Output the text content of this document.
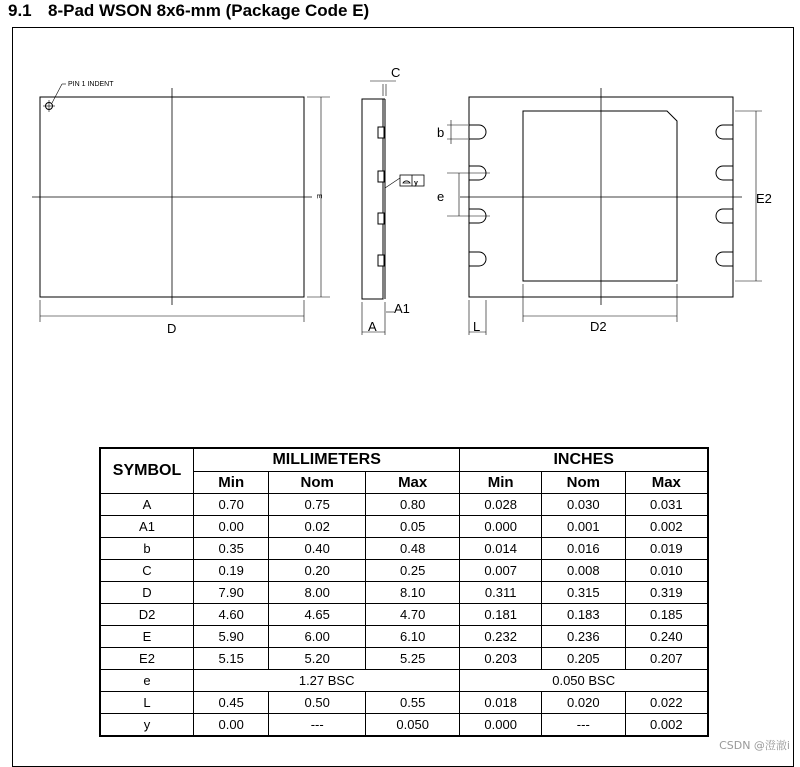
9.1 8-Pad WSON 8x6-mm (Package Code E)
PIN 1 INDENT
D
E
C
y
A1
A
b
e	E2
L	D2
SYMBOL	MILLIMETERS			INCHES		
	Min	Nom	Max	Min	Nom	Max
A	0.70	0.75	0.80	0.028	0.030	0.031
A1	0.00	0.02	0.05	0.000	0.001	0.002
b	0.35	0.40	0.48	0.014	0.016	0.019
C	0.19	0.20	0.25	0.007	0.008	0.010
D	7.90	8.00	8.10	0.311	0.315	0.319
D2	4.60	4.65	4.70	0.181	0.183	0.185
E	5.90	6.00	6.10	0.232	0.236	0.240
E2	5.15	5.20	5.25	0.203	0.205	0.207
e	1.27 BSC			0.050 BSC		
L	0.45	0.50	0.55	0.018	0.020	0.022
y	0.00	---	0.050	0.000	---	0.002
CSDN @澄澈i
